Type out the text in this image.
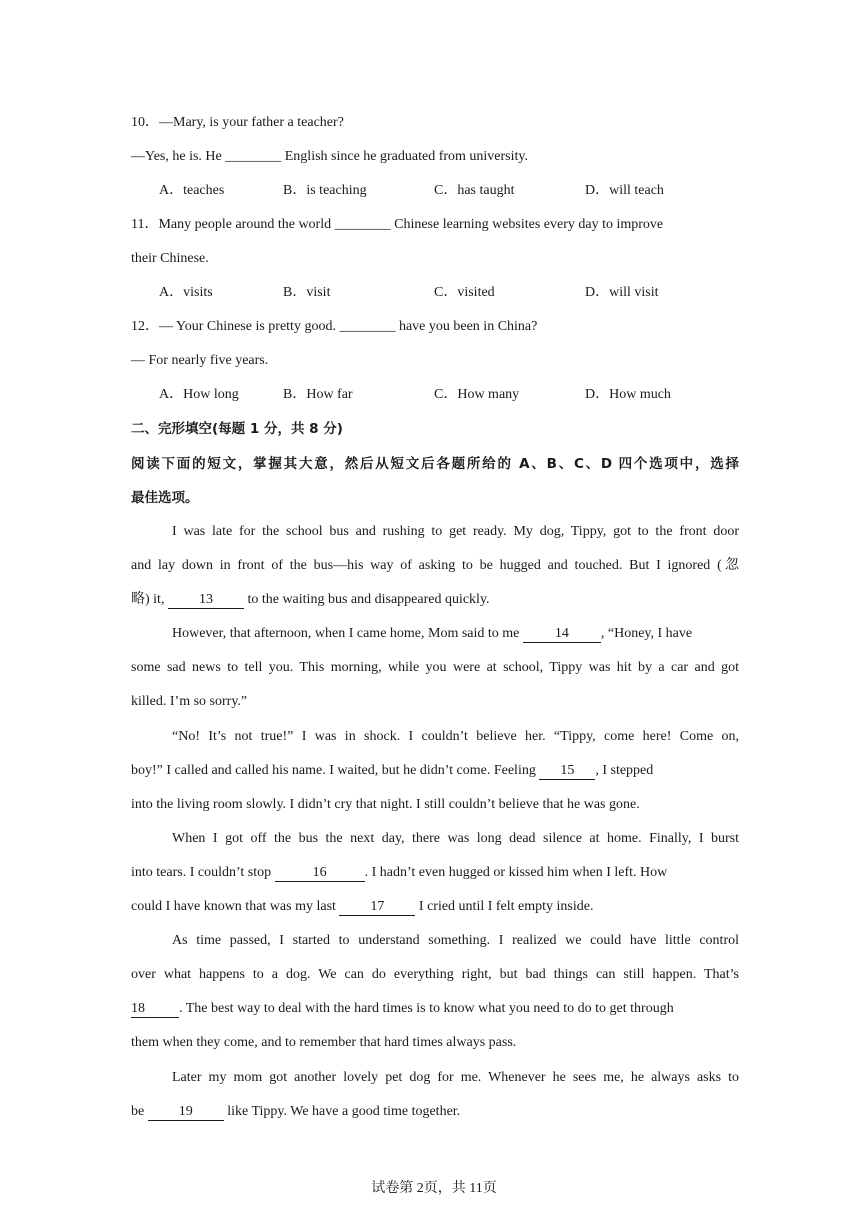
10．—Mary, is your father a teacher?
—Yes, he is. He ________ English since he graduated from university.
A．teaches	B．is teaching	C．has taught	D．will teach
11．Many people around the world ________ Chinese learning websites every day to improve
their Chinese.
A．visits	B．visit	C．visited	D．will visit
12．— Your Chinese is pretty good. ________ have you been in China?
— For nearly five years.
A．How long	B．How far	C．How many	D．How much
二、完形填空(每题 1 分，共 8 分)
阅读下面的短文，掌握其大意，然后从短文后各题所给的 A、B、C、D 四个选项中，选择
最佳选项。
I was late for the school bus and rushing to get ready. My dog, Tippy, got to the front door
and lay down in front of the bus—his way of asking to be hugged and touched. But I ignored (忽
略) it, 13 to the waiting bus and disappeared quickly.
However, that afternoon, when I came home, Mom said to me 14 , “Honey, I have
some sad news to tell you. This morning, while you were at school, Tippy was hit by a car and got
killed. I’m so sorry.”
“No! It’s not true!” I was in shock. I couldn’t believe her. “Tippy, come here! Come on,
boy!” I called and called his name. I waited, but he didn’t come. Feeling 15 , I stepped
into the living room slowly. I didn’t cry that night. I still couldn’t believe that he was gone.
When I got off the bus the next day, there was long dead silence at home. Finally, I burst
into tears. I couldn’t stop	16	. I hadn’t even hugged or kissed him when I left. How
could I have known that was my last 17 I cried until I felt empty inside.
As time passed, I started to understand something. I realized we could have little control
over what happens to a dog. We can do everything right, but bad things can still happen. That’s
18 . The best way to deal with the hard times is to know what you need to do to get through
them when they come, and to remember that hard times always pass.
Later my mom got another lovely pet dog for me. Whenever he sees me, he always asks to
be 19 like Tippy. We have a good time together.
试卷第 2页，共 11页
